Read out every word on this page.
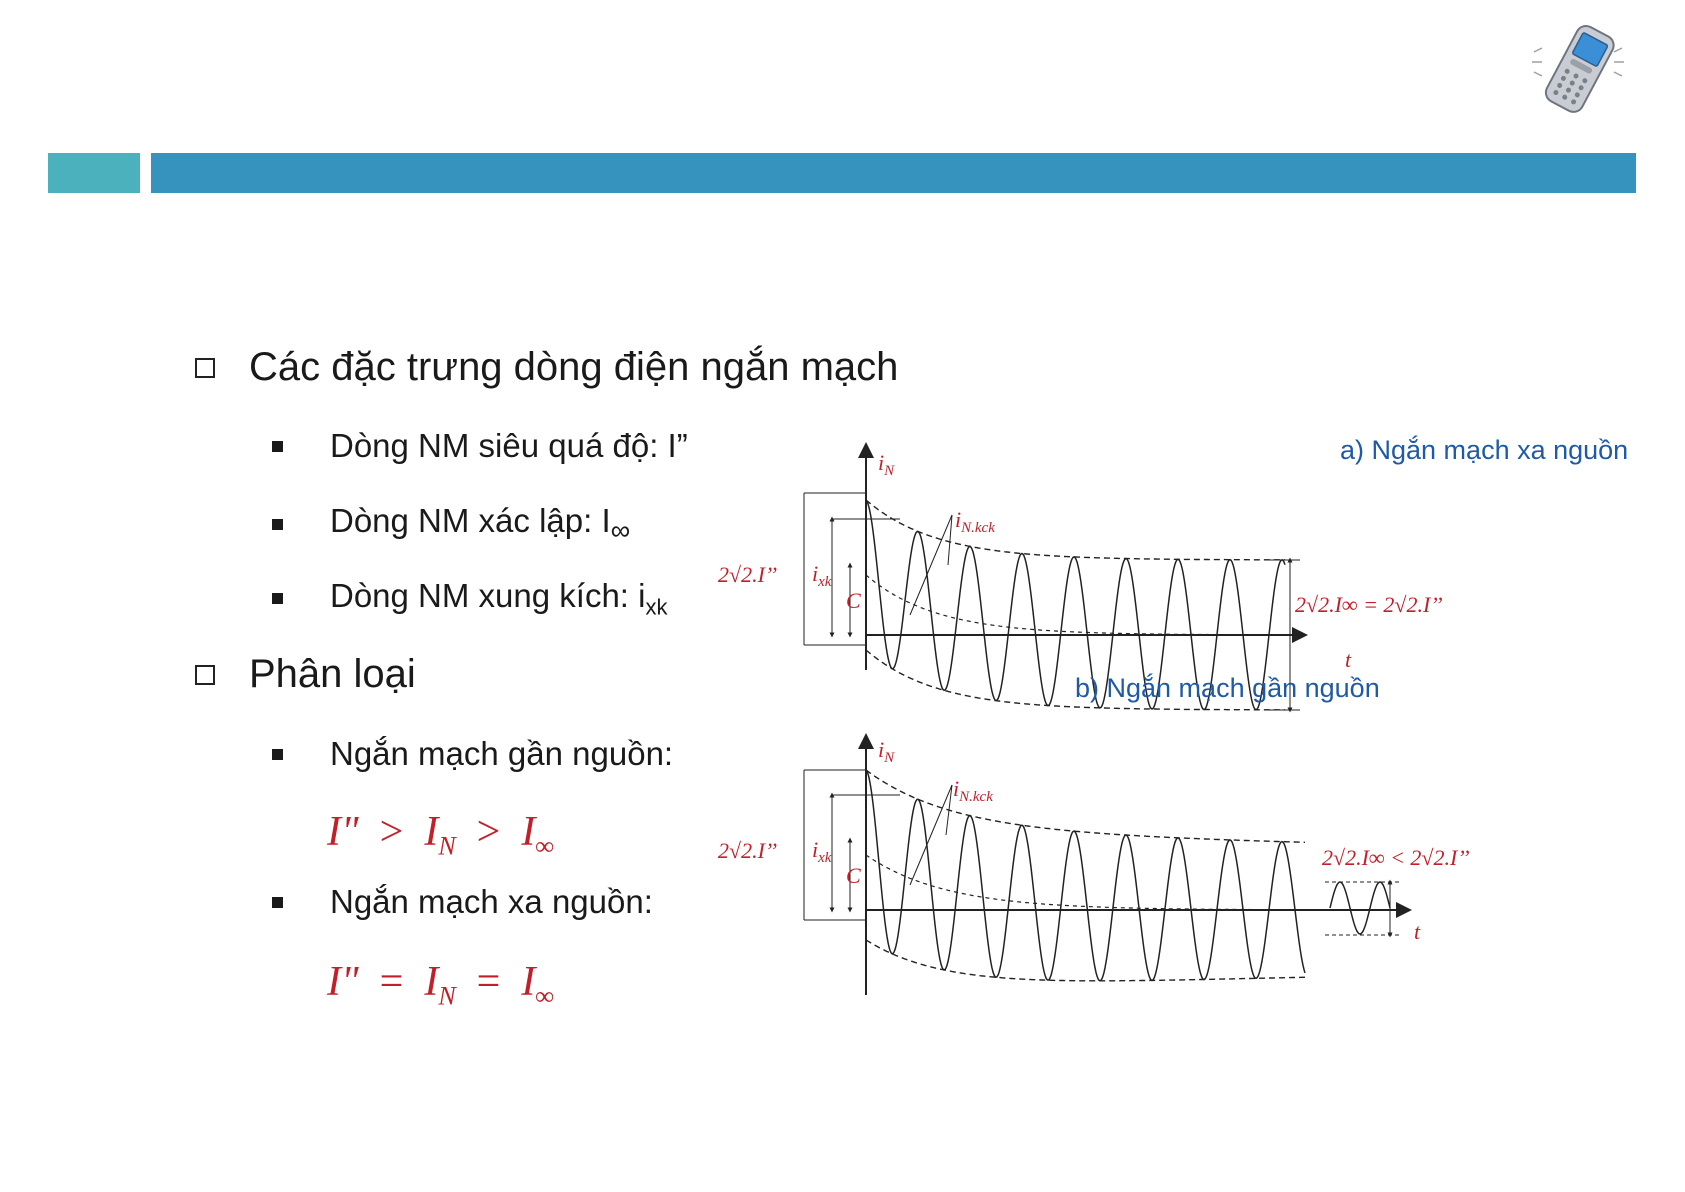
Các đặc trưng dòng điện ngắn mạch
Dòng NM siêu quá độ: I”
Dòng NM xác lập: $I_\infty$
Dòng NM xung kích: $i_{xk}$
Phân loại
Ngắn mạch gần nguồn:
I" > $I_N > I_\infty$
Ngắn mạch xa nguồn:
I" = $I_N = I_\infty$
$i_N$
a) Ngắn mạch xa nguồn
t
2√2.I’’ $i_{xk}$
C
$i_{N.kck}$
2√2.I∞ = 2√2.I’’
$i_N$
b) Ngắn mạch gần nguồn
t
2√2.I’’ $i_{xk}$
C
$i_{N.kck}$
2√2.I∞ < 2√2.I’’
